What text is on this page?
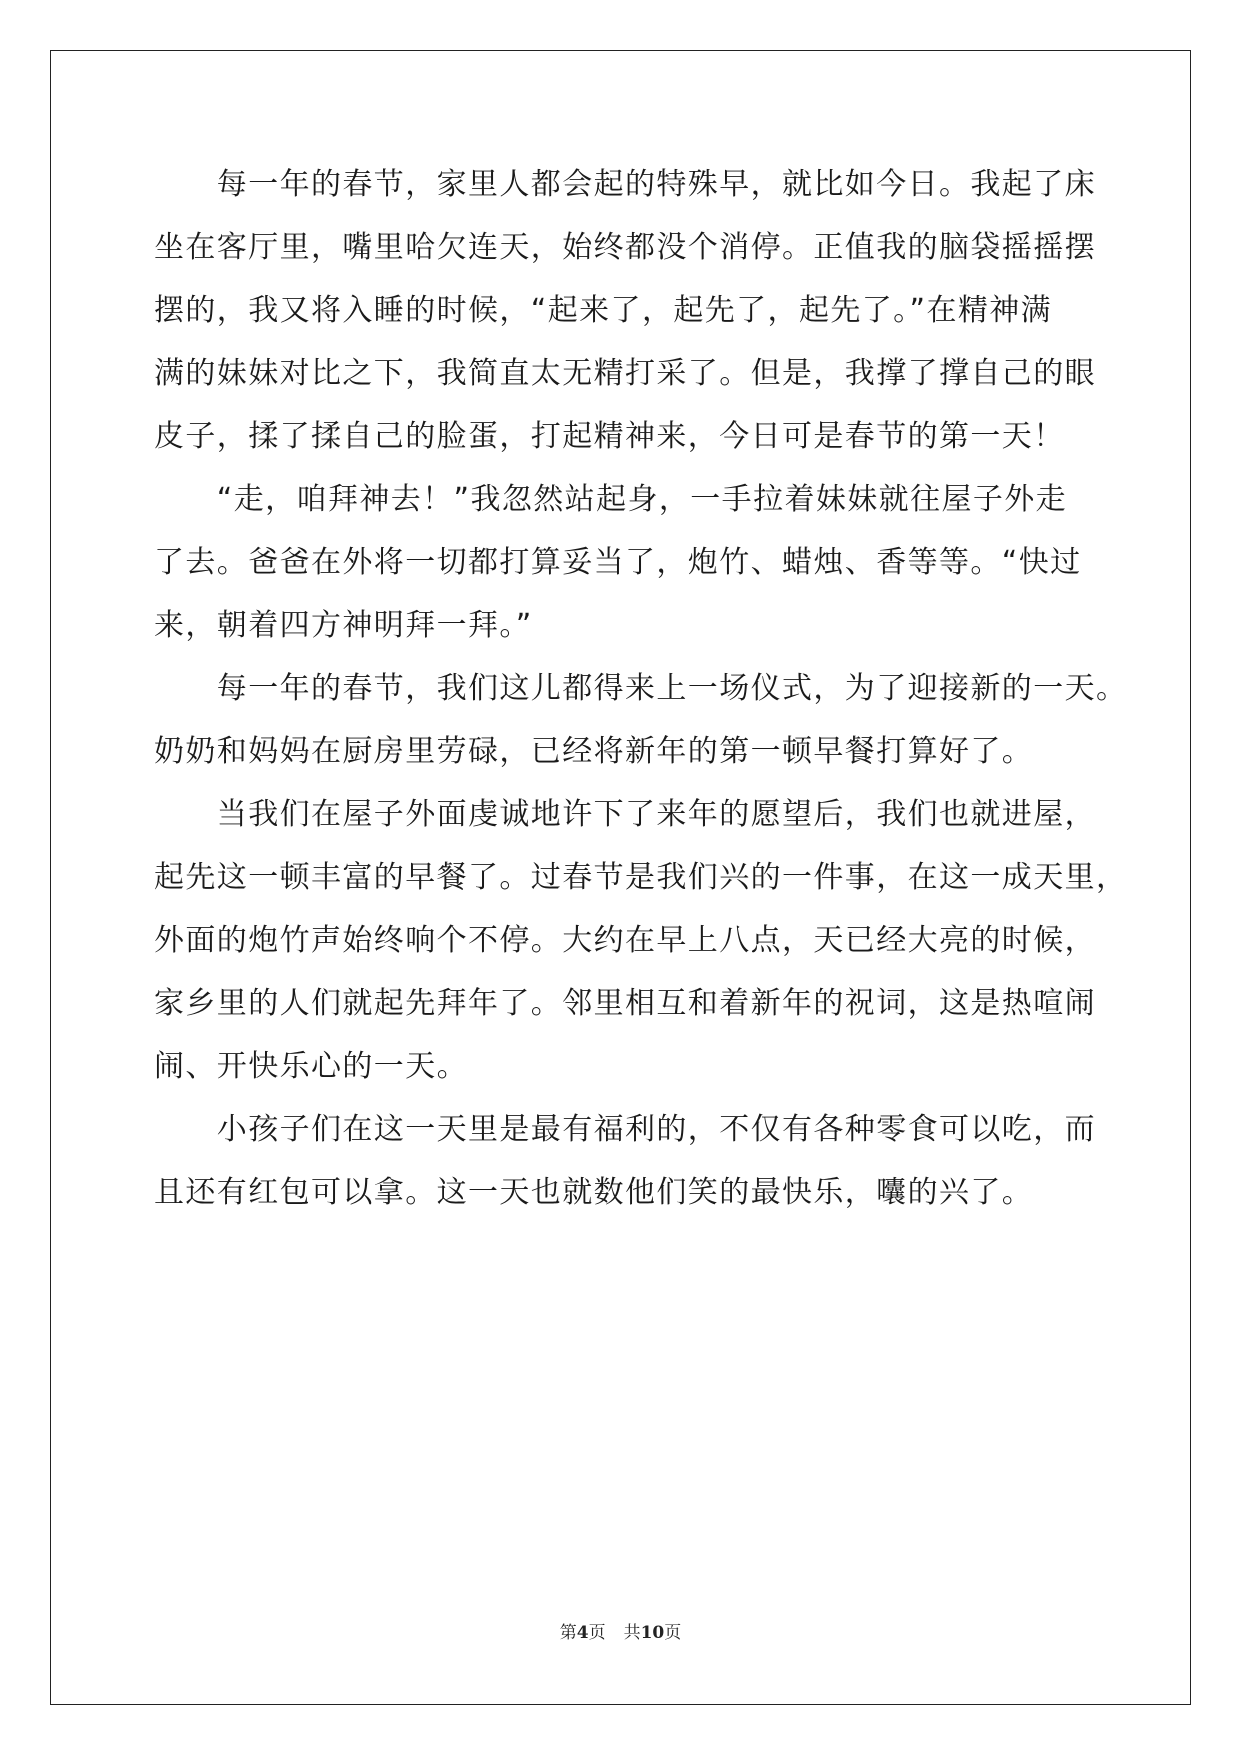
　　每一年的春节，家里人都会起的特殊早，就比如今日。我起了床
坐在客厅里，嘴里哈欠连天，始终都没个消停。正值我的脑袋摇摇摆
摆的，我又将入睡的时候，“起来了，起先了，起先了。”在精神满
满的妹妹对比之下，我简直太无精打采了。但是，我撑了撑自己的眼
皮子，揉了揉自己的脸蛋，打起精神来，今日可是春节的第一天！
　　“走，咱拜神去！”我忽然站起身，一手拉着妹妹就往屋子外走
了去。爸爸在外将一切都打算妥当了，炮竹、蜡烛、香等等。“快过
来，朝着四方神明拜一拜。”
　　每一年的春节，我们这儿都得来上一场仪式，为了迎接新的一天。
奶奶和妈妈在厨房里劳碌，已经将新年的第一顿早餐打算好了。
　　当我们在屋子外面虔诚地许下了来年的愿望后，我们也就进屋，
起先这一顿丰富的早餐了。过春节是我们兴的一件事，在这一成天里，
外面的炮竹声始终响个不停。大约在早上八点，天已经大亮的时候，
家乡里的人们就起先拜年了。邻里相互和着新年的祝词，这是热喧闹
闹、开快乐心的一天。
　　小孩子们在这一天里是最有福利的，不仅有各种零食可以吃，而
且还有红包可以拿。这一天也就数他们笑的最快乐，囔的兴了。
第4页 共10页
